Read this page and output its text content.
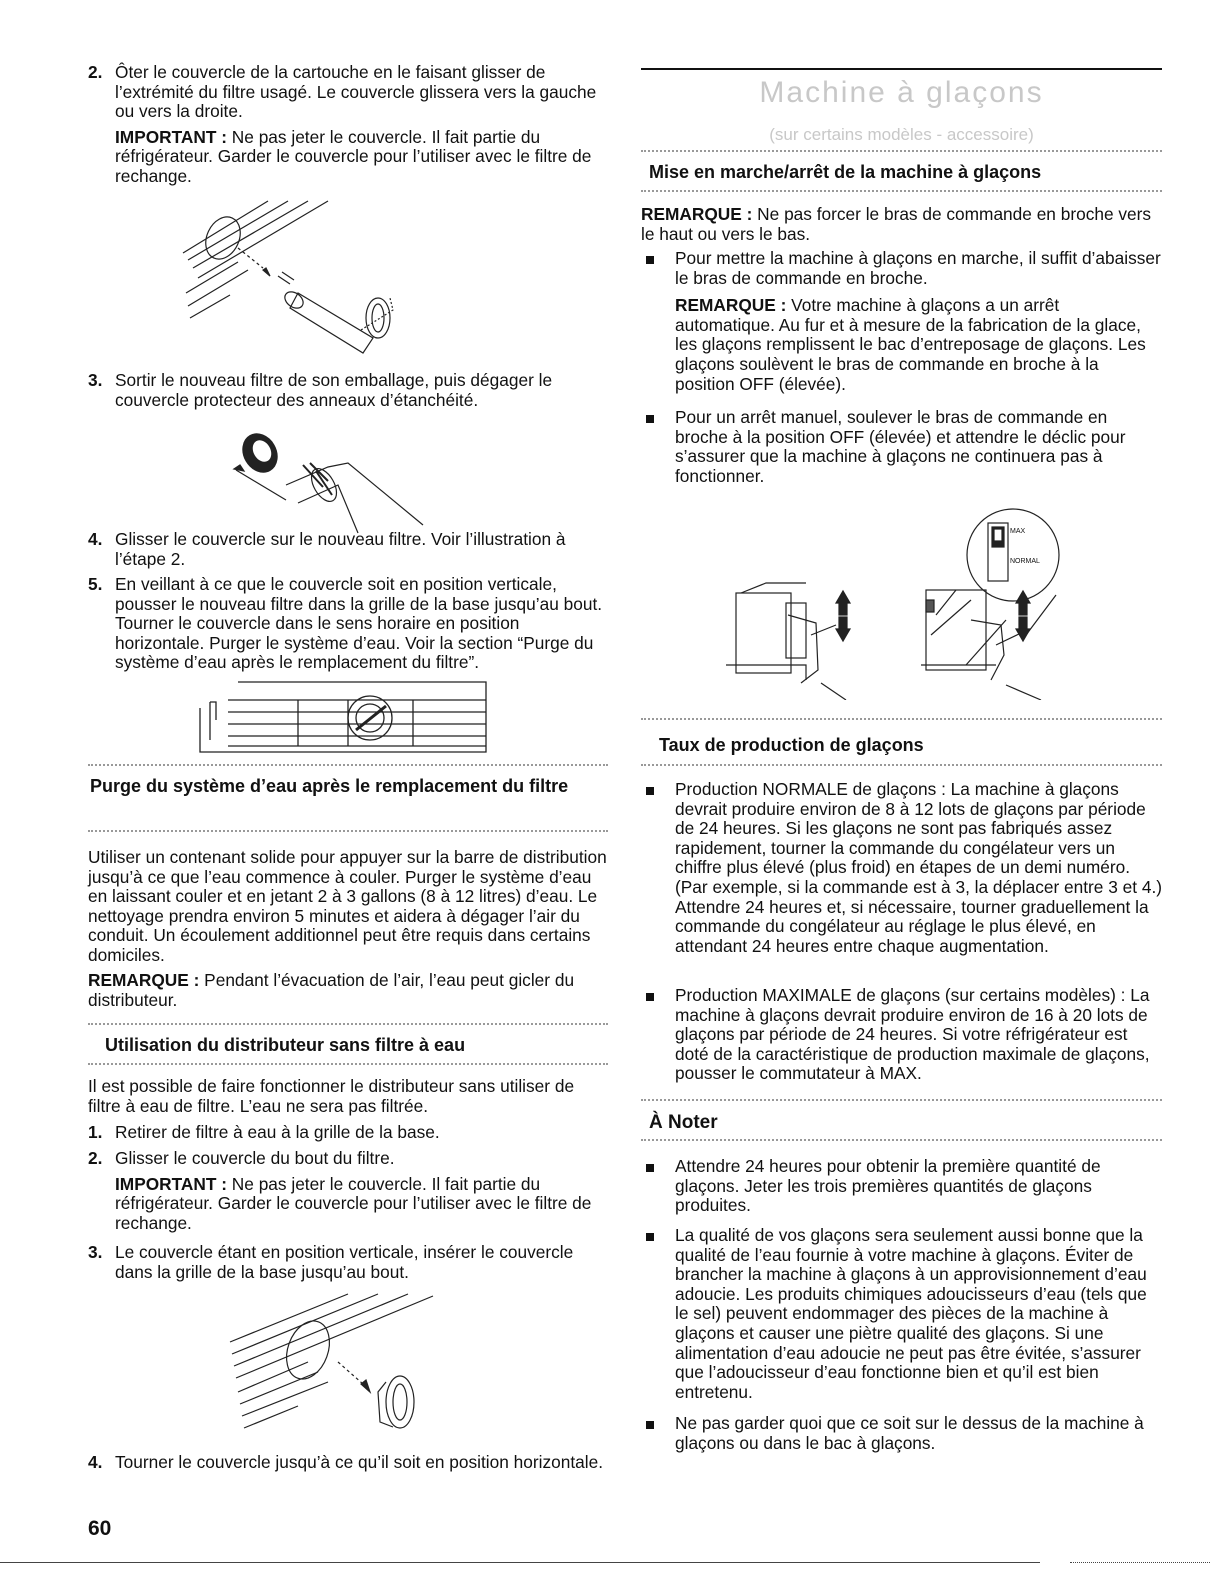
2. Ôter le couvercle de la cartouche en le faisant glisser de l’extrémité du filtre usagé. Le couvercle glissera vers la gauche ou vers la droite.

IMPORTANT : Ne pas jeter le couvercle. Il fait partie du réfrigérateur. Garder le couvercle pour l’utiliser avec le filtre de rechange.

3. Sortir le nouveau filtre de son emballage, puis dégager le couvercle protecteur des anneaux d’étanchéité.

4. Glisser le couvercle sur le nouveau filtre. Voir l’illustration à l’étape 2.

5. En veillant à ce que le couvercle soit en position verticale, pousser le nouveau filtre dans la grille de la base jusqu’au bout. Tourner le couvercle dans le sens horaire en position horizontale. Purger le système d’eau. Voir la section “Purge du système d’eau après le remplacement du filtre”.

Purge du système d’eau après le remplacement du filtre

Utiliser un contenant solide pour appuyer sur la barre de distribution jusqu’à ce que l’eau commence à couler. Purger le système d’eau en laissant couler et en jetant 2 à 3 gallons (8 à 12 litres) d’eau. Le nettoyage prendra environ 5 minutes et aidera à dégager l’air du conduit. Un écoulement additionnel peut être requis dans certains domiciles.

REMARQUE : Pendant l’évacuation de l’air, l’eau peut gicler du distributeur.

Utilisation du distributeur sans filtre à eau

Il est possible de faire fonctionner le distributeur sans utiliser de filtre à eau de filtre. L’eau ne sera pas filtrée.

1. Retirer de filtre à eau à la grille de la base.

2. Glisser le couvercle du bout du filtre.

IMPORTANT : Ne pas jeter le couvercle. Il fait partie du réfrigérateur. Garder le couvercle pour l’utiliser avec le filtre de rechange.

3. Le couvercle étant en position verticale, insérer le couvercle dans la grille de la base jusqu’au bout.

4. Tourner le couvercle jusqu’à ce qu’il soit en position horizontale.

60
Machine à glaçons
(sur certains modèles - accessoire)
Mise en marche/arrêt de la machine à glaçons

REMARQUE : Ne pas forcer le bras de commande en broche vers le haut ou vers le bas.

Pour mettre la machine à glaçons en marche, il suffit d’abaisser le bras de commande en broche.

REMARQUE : Votre machine à glaçons a un arrêt automatique. Au fur et à mesure de la fabrication de la glace, les glaçons remplissent le bac d’entreposage de glaçons. Les glaçons soulèvent le bras de commande en broche à la position OFF (élevée).

Pour un arrêt manuel, soulever le bras de commande en broche à la position OFF (élevée) et attendre le déclic pour s’assurer que la machine à glaçons ne continuera pas à fonctionner.

MAX
NORMAL
Taux de production de glaçons

Production NORMALE de glaçons : La machine à glaçons devrait produire environ de 8 à 12 lots de glaçons par période de 24 heures. Si les glaçons ne sont pas fabriqués assez rapidement, tourner la commande du congélateur vers un chiffre plus élevé (plus froid) en étapes de un demi numéro. (Par exemple, si la commande est à 3, la déplacer entre 3 et 4.) Attendre 24 heures et, si nécessaire, tourner graduellement la commande du congélateur au réglage le plus élevé, en attendant 24 heures entre chaque augmentation.

Production MAXIMALE de glaçons (sur certains modèles) : La machine à glaçons devrait produire environ de 16 à 20 lots de glaçons par période de 24 heures. Si votre réfrigérateur est doté de la caractéristique de production maximale de glaçons, pousser le commutateur à MAX.

À Noter

Attendre 24 heures pour obtenir la première quantité de glaçons. Jeter les trois premières quantités de glaçons produites.

La qualité de vos glaçons sera seulement aussi bonne que la qualité de l’eau fournie à votre machine à glaçons. Éviter de brancher la machine à glaçons à un approvisionnement d’eau adoucie. Les produits chimiques adoucisseurs d’eau (tels que le sel) peuvent endommager des pièces de la machine à glaçons et causer une piètre qualité des glaçons. Si une alimentation d’eau adoucie ne peut pas être évitée, s’assurer que l’adoucisseur d’eau fonctionne bien et qu’il est bien entretenu.

Ne pas garder quoi que ce soit sur le dessus de la machine à glaçons ou dans le bac à glaçons.
